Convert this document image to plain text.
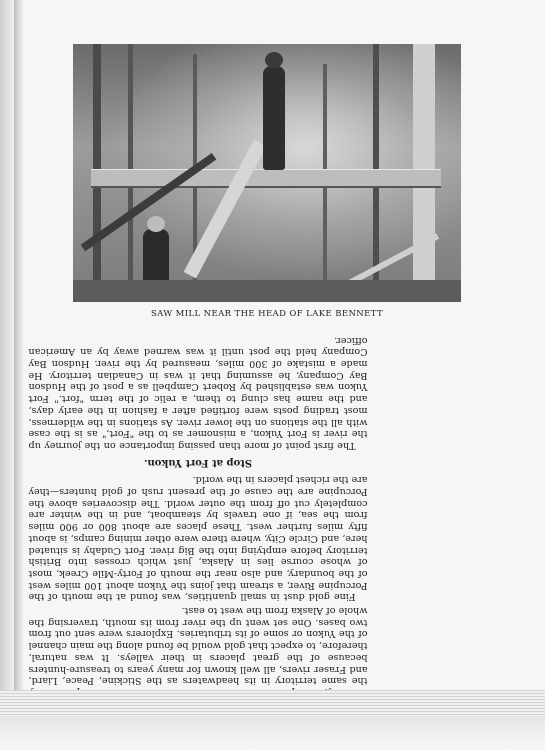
SAW MILL NEAR THE HEAD OF LAKE BENNETT

the same territory in its headwaters as the Stickine, Peace, Liard, and Fraser rivers, all well known for many years to treasure-hunters because of the great placers in their valleys. It was natural, therefore, to expect that gold would be found along the main channel of the Yukon or some of its tributaries. Explorers were sent out from two bases. One set went up the river from its mouth, traversing the whole of Alaska from the west to east.

Fine gold dust in small quantities, was found at the mouth of the Porcupine River, a stream that joins the Yukon about 100 miles west of the boundary, and also near the mouth of Forty-Mile Creek, most of whose course lies in Alaska, just which crosses into British territory before emptying into the Big river. Fort Cudahy is situated here, and Circle City, where there were other mining camps, is about fifty miles further west. These places are about 800 or 900 miles from the sea, if one travels by steamboat, and in the winter are completely cut off from the outer world. The discoveries above the Porcupine are the cause of the present rush of gold hunters—they are the richest placers in the world.

Stop at Fort Yukon.

The first point of more than passing importance on the journey up the river is Fort Yukon, a misnomer as to the "Fort," as is the case with all the stations on the lower river. As stations in the wilderness, most trading posts were fortified after a fashion in the early days, and the name has clung to them, a relic of the term "fort." Fort Yukon was established by Robert Campbell as a post of the Hudson Bay Company, he assuming that it was in Canadian territory. He made a mistake of 300 miles, measured by the river. Hudson Bay Company held the post until it was warned away by an American officer.
